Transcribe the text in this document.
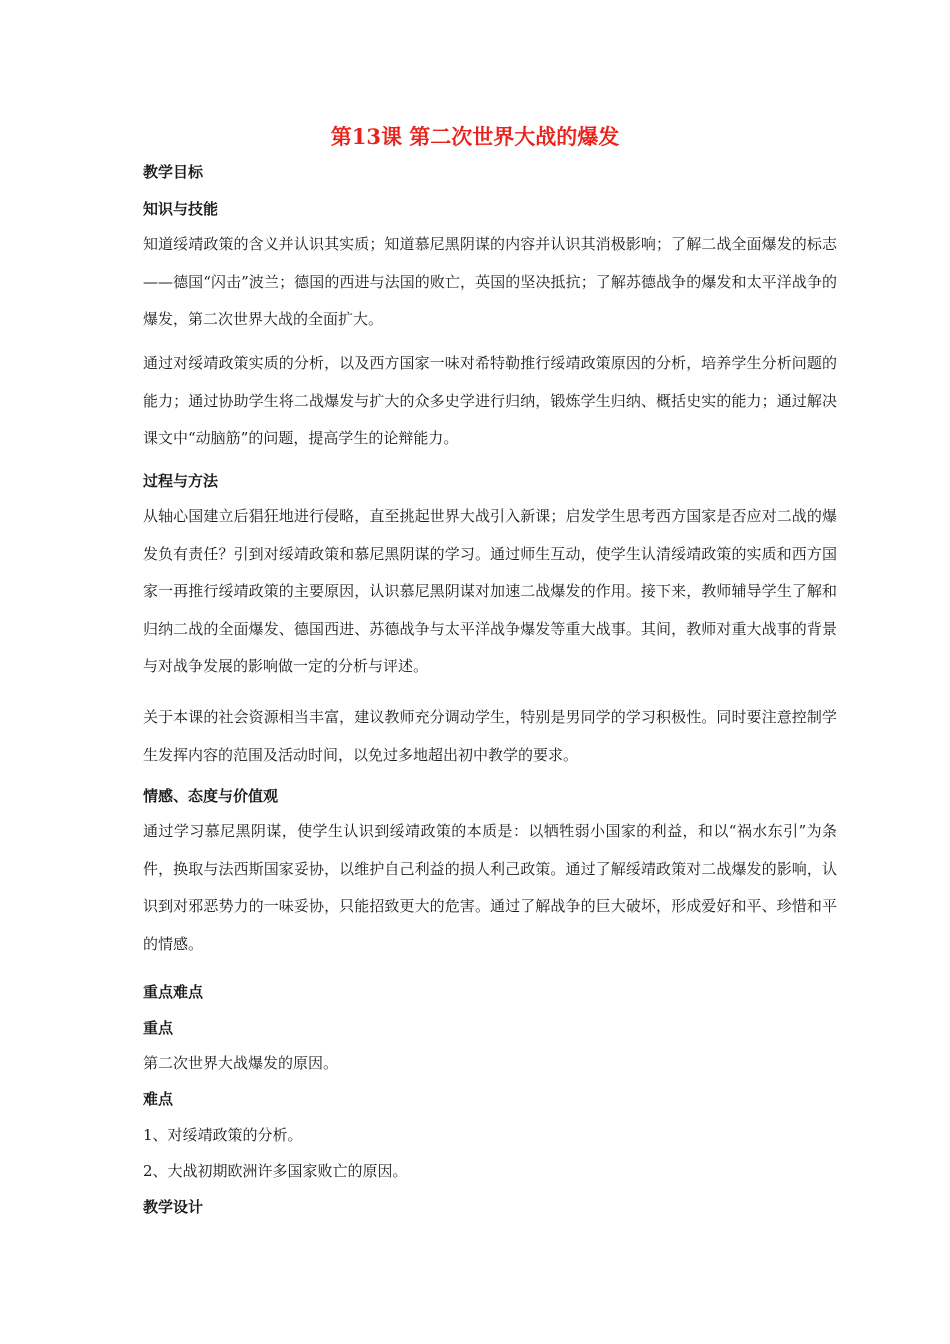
第13课 第二次世界大战的爆发
教学目标
知识与技能
知道绥靖政策的含义并认识其实质；知道慕尼黑阴谋的内容并认识其消极影响；了解二战全面爆发的标志——德国“闪击”波兰；德国的西进与法国的败亡，英国的坚决抵抗；了解苏德战争的爆发和太平洋战争的爆发，第二次世界大战的全面扩大。
通过对绥靖政策实质的分析，以及西方国家一味对希特勒推行绥靖政策原因的分析，培养学生分析问题的能力；通过协助学生将二战爆发与扩大的众多史学进行归纳，锻炼学生归纳、概括史实的能力；通过解决课文中“动脑筋”的问题，提高学生的论辩能力。
过程与方法
从轴心国建立后猖狂地进行侵略，直至挑起世界大战引入新课；启发学生思考西方国家是否应对二战的爆发负有责任？引到对绥靖政策和慕尼黑阴谋的学习。通过师生互动，使学生认清绥靖政策的实质和西方国家一再推行绥靖政策的主要原因，认识慕尼黑阴谋对加速二战爆发的作用。接下来，教师辅导学生了解和归纳二战的全面爆发、德国西进、苏德战争与太平洋战争爆发等重大战事。其间，教师对重大战事的背景与对战争发展的影响做一定的分析与评述。
关于本课的社会资源相当丰富，建议教师充分调动学生，特别是男同学的学习积极性。同时要注意控制学生发挥内容的范围及活动时间，以免过多地超出初中教学的要求。
情感、态度与价值观
通过学习慕尼黑阴谋，使学生认识到绥靖政策的本质是：以牺牲弱小国家的利益，和以“祸水东引”为条件，换取与法西斯国家妥协，以维护自己利益的损人利己政策。通过了解绥靖政策对二战爆发的影响，认识到对邪恶势力的一味妥协，只能招致更大的危害。通过了解战争的巨大破坏，形成爱好和平、珍惜和平的情感。
重点难点
重点
第二次世界大战爆发的原因。
难点
1、对绥靖政策的分析。
2、大战初期欧洲许多国家败亡的原因。
教学设计
